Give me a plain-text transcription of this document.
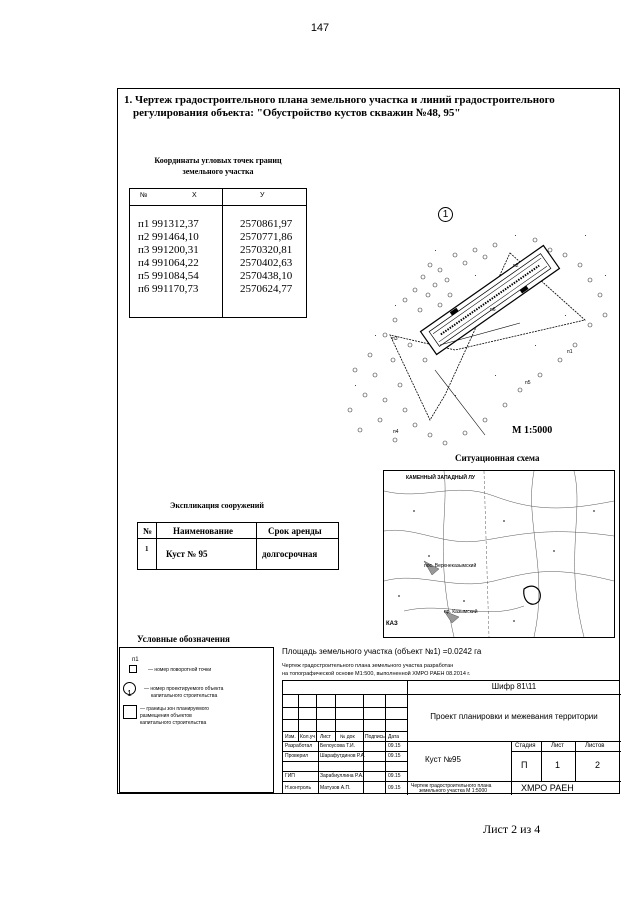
147
1. Чертеж градостроительного плана земельного участка и линий градостроительного
регулирования объекта: "Обустройство кустов скважин №48, 95"
Координаты угловых точек границ
земельного участка
№	X	У
п1 991312,37	2570861,97
п2 991464,10	2570771,86
п3 991200,31	2570320,81
п4 991064,22	2570402,63
п5 991084,54	2570438,10
п6 991170,73	2570624,77
п2
п1
п3
п5
п4
п6
1
М 1:5000
Ситуационная схема
КАМЕННЫЙ ЗАПАДНЫЙ ЛУ
пос. Верхнеказымский
пр. Казымский
КАЗ
Экспликация сооружений
№ Наименование	Срок аренды
1 Куст № 95	долгосрочная
Условные обозначения
п1
— номер поворотной точки
1	— номер проектируемого объекта
капитального строительства
— границы зон планируемого
размещения объектов
капитального строительства
Площадь земельного участка (объект №1) =0.0242 га
Чертеж градостроительного плана земельного участка разработан
на топографической основе М1:500, выполненной ХМРО РАЕН 08.2014 г.
Изм. Кол.уч Лист № док Подпись Дата
Разработал Белоусова Т.И.	09.15
Проверил Шарафутдинов Р.А.	09.15
ГИП	Зарабиуллина Р.А.	09.15
Н.контроль Матузов А.П.	09.15
Шифр 81\11
Проект планировки и межевания территории
Куст №95
Стадия	Лист	Листов
П	1	2
Чертеж градостроительного плана
земельного участка М 1:5000	ХМРО РАЕН
Лист 2 из 4
